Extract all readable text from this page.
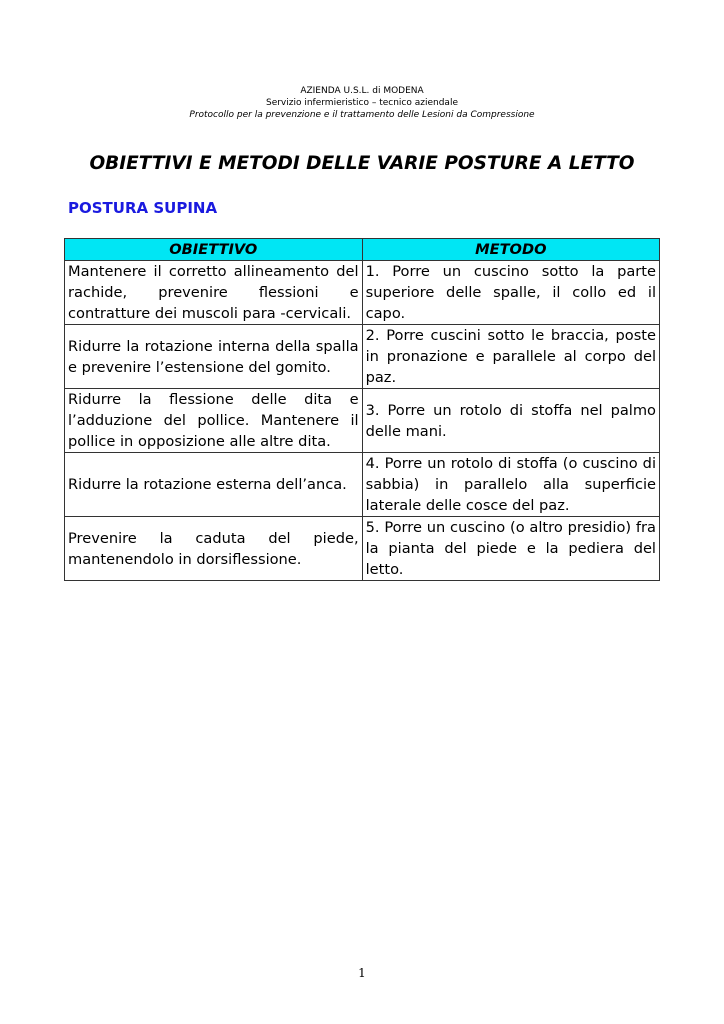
AZIENDA U.S.L. di MODENA
Servizio infermieristico – tecnico aziendale
Protocollo per la prevenzione e il trattamento delle Lesioni da Compressione
OBIETTIVI E METODI DELLE VARIE POSTURE A LETTO
POSTURA SUPINA
OBIETTIVO	METODO
Mantenere il corretto allineamento del rachide, prevenire flessioni e contratture dei muscoli para -cervicali.	1. Porre un cuscino sotto la parte superiore delle spalle, il collo ed il capo.
Ridurre la rotazione interna della spalla e prevenire l’estensione del gomito.	2. Porre cuscini sotto le braccia, poste in pronazione e parallele al corpo del paz.
Ridurre la flessione delle dita e l’adduzione del pollice. Mantenere il pollice in opposizione alle altre dita.	3. Porre un rotolo di stoffa nel palmo delle mani.
Ridurre la rotazione esterna dell’anca.	4. Porre un rotolo di stoffa (o cuscino di sabbia) in parallelo alla superficie laterale delle cosce del paz.
Prevenire la caduta del piede, mantenendolo in dorsiflessione.	5. Porre un cuscino (o altro presidio) fra la pianta del piede e la pediera del letto.
1
